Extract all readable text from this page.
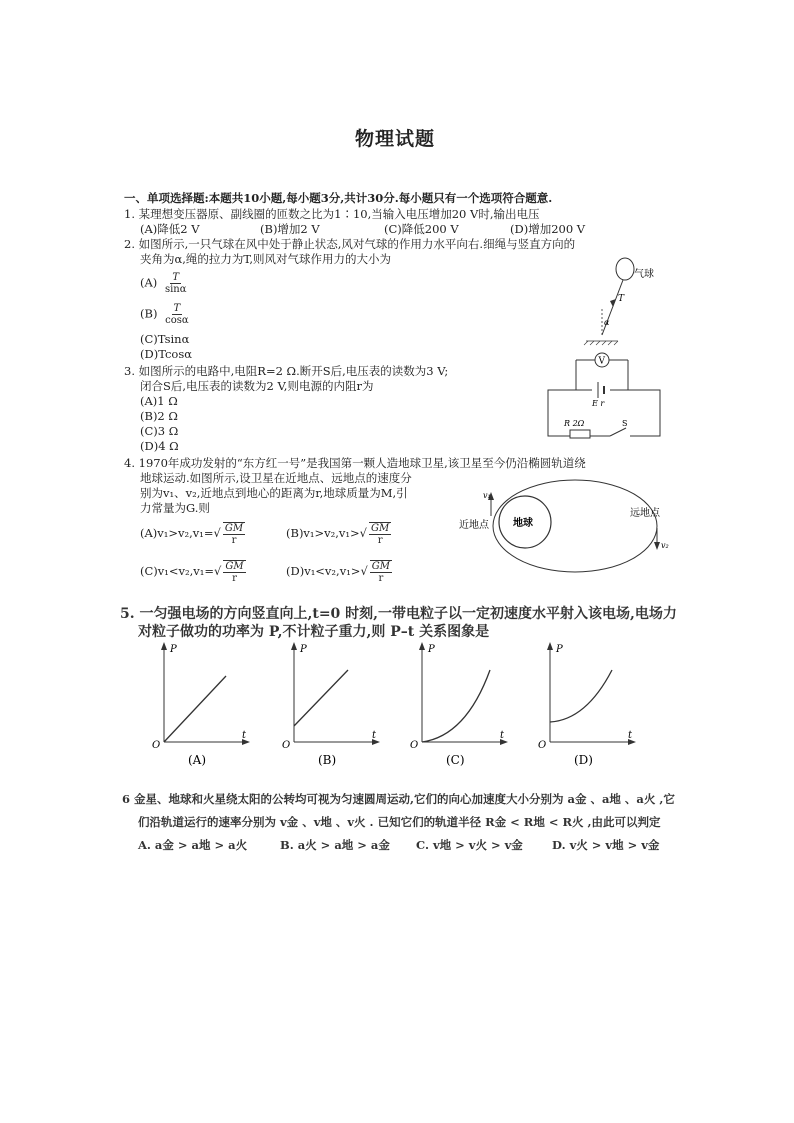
物理试题
一、单项选择题:本题共10小题,每小题3分,共计30分.每小题只有一个选项符合题意.
1. 某理想变压器原、副线圈的匝数之比为1∶10,当输入电压增加20 V时,输出电压
(A)降低2 V	(B)增加2 V	(C)降低200 V	(D)增加200 V
2. 如图所示,一只气球在风中处于静止状态,风对气球的作用力水平向右.细绳与竖直方向的
夹角为α,绳的拉力为T,则风对气球作用力的大小为
$(A) \frac{T}{\sin\alpha}$
$(B) \frac{T}{\cos\alpha}$
(C)Tsinα
(D)Tcosα
气球
T
α
3. 如图所示的电路中,电阻R=2 Ω.断开S后,电压表的读数为3 V;
闭合S后,电压表的读数为2 V,则电源的内阻r为
(A)1 Ω
(B)2 Ω
(C)3 Ω
(D)4 Ω
V
E r
R 2Ω	S
4. 1970年成功发射的“东方红一号”是我国第一颗人造地球卫星,该卫星至今仍沿椭圆轨道绕
地球运动.如图所示,设卫星在近地点、远地点的速度分
别为v₁、v₂,近地点到地心的距离为r,地球质量为M,引
力常量为G.则
$(A)v_1>v_2,v_1=√ \frac{GM}{r}$	$(B)v_1>v_2,v_1>√ \frac{GM}{r}$
$(C)v_1<v_2,v_1=√ \frac{GM}{r}$	$(D)v_1<v_2,v_1>√ \frac{GM}{r}$
地球
近地点
远地点
v₁
v₂
5. 一匀强电场的方向竖直向上,t=0 时刻,一带电粒子以一定初速度水平射入该电场,电场力
对粒子做功的功率为 P,不计粒子重力,则 P–t 关系图象是
P
O
t
(A)
P
O
t
(B)
P
O
t
(C)
P
O
t
(D)
6 金星、地球和火星绕太阳的公转均可视为匀速圆周运动,它们的向心加速度大小分别为 a金 、a地 、a火 ,它
们沿轨道运行的速率分别为 v金 、v地 、v火 . 已知它们的轨道半径 R金 < R地 < R火 ,由此可以判定
A. a金 > a地 > a火	B. a火 > a地 > a金 C. v地 > v火 > v金	D. v火 > v地 > v金
